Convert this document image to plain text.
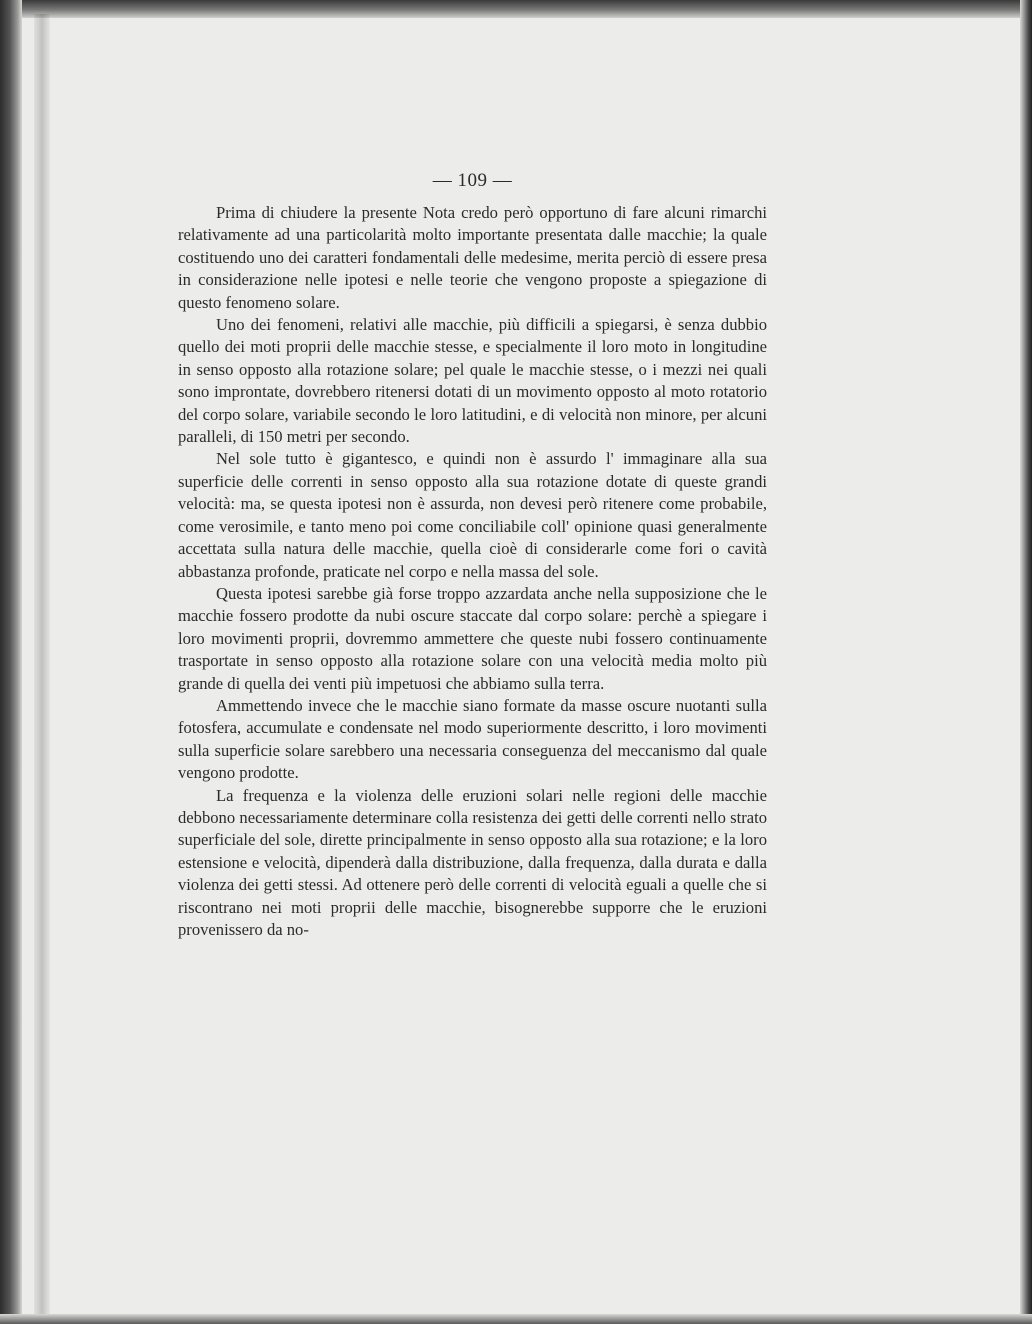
— 109 —

Prima di chiudere la presente Nota credo però opportuno di fare alcuni rimarchi relativamente ad una particolarità molto importante presentata dalle macchie; la quale costituendo uno dei caratteri fondamentali delle medesime, merita perciò di essere presa in considerazione nelle ipotesi e nelle teorie che vengono proposte a spiegazione di questo fenomeno solare.

Uno dei fenomeni, relativi alle macchie, più difficili a spiegarsi, è senza dubbio quello dei moti proprii delle macchie stesse, e specialmente il loro moto in longitudine in senso opposto alla rotazione solare; pel quale le macchie stesse, o i mezzi nei quali sono improntate, dovrebbero ritenersi dotati di un movimento opposto al moto rotatorio del corpo solare, variabile secondo le loro latitudini, e di velocità non minore, per alcuni paralleli, di 150 metri per secondo.

Nel sole tutto è gigantesco, e quindi non è assurdo l' immaginare alla sua superficie delle correnti in senso opposto alla sua rotazione dotate di queste grandi velocità: ma, se questa ipotesi non è assurda, non devesi però ritenere come probabile, come verosimile, e tanto meno poi come conciliabile coll' opinione quasi generalmente accettata sulla natura delle macchie, quella cioè di considerarle come fori o cavità abbastanza profonde, praticate nel corpo e nella massa del sole.

Questa ipotesi sarebbe già forse troppo azzardata anche nella supposizione che le macchie fossero prodotte da nubi oscure staccate dal corpo solare: perchè a spiegare i loro movimenti proprii, dovremmo ammettere che queste nubi fossero continuamente trasportate in senso opposto alla rotazione solare con una velocità media molto più grande di quella dei venti più impetuosi che abbiamo sulla terra.

Ammettendo invece che le macchie siano formate da masse oscure nuotanti sulla fotosfera, accumulate e condensate nel modo superiormente descritto, i loro movimenti sulla superficie solare sarebbero una necessaria conseguenza del meccanismo dal quale vengono prodotte.

La frequenza e la violenza delle eruzioni solari nelle regioni delle macchie debbono necessariamente determinare colla resistenza dei getti delle correnti nello strato superficiale del sole, dirette principalmente in senso opposto alla sua rotazione; e la loro estensione e velocità, dipenderà dalla distribuzione, dalla frequenza, dalla durata e dalla violenza dei getti stessi. Ad ottenere però delle correnti di velocità eguali a quelle che si riscontrano nei moti proprii delle macchie, bisognerebbe supporre che le eruzioni provenissero da no-
